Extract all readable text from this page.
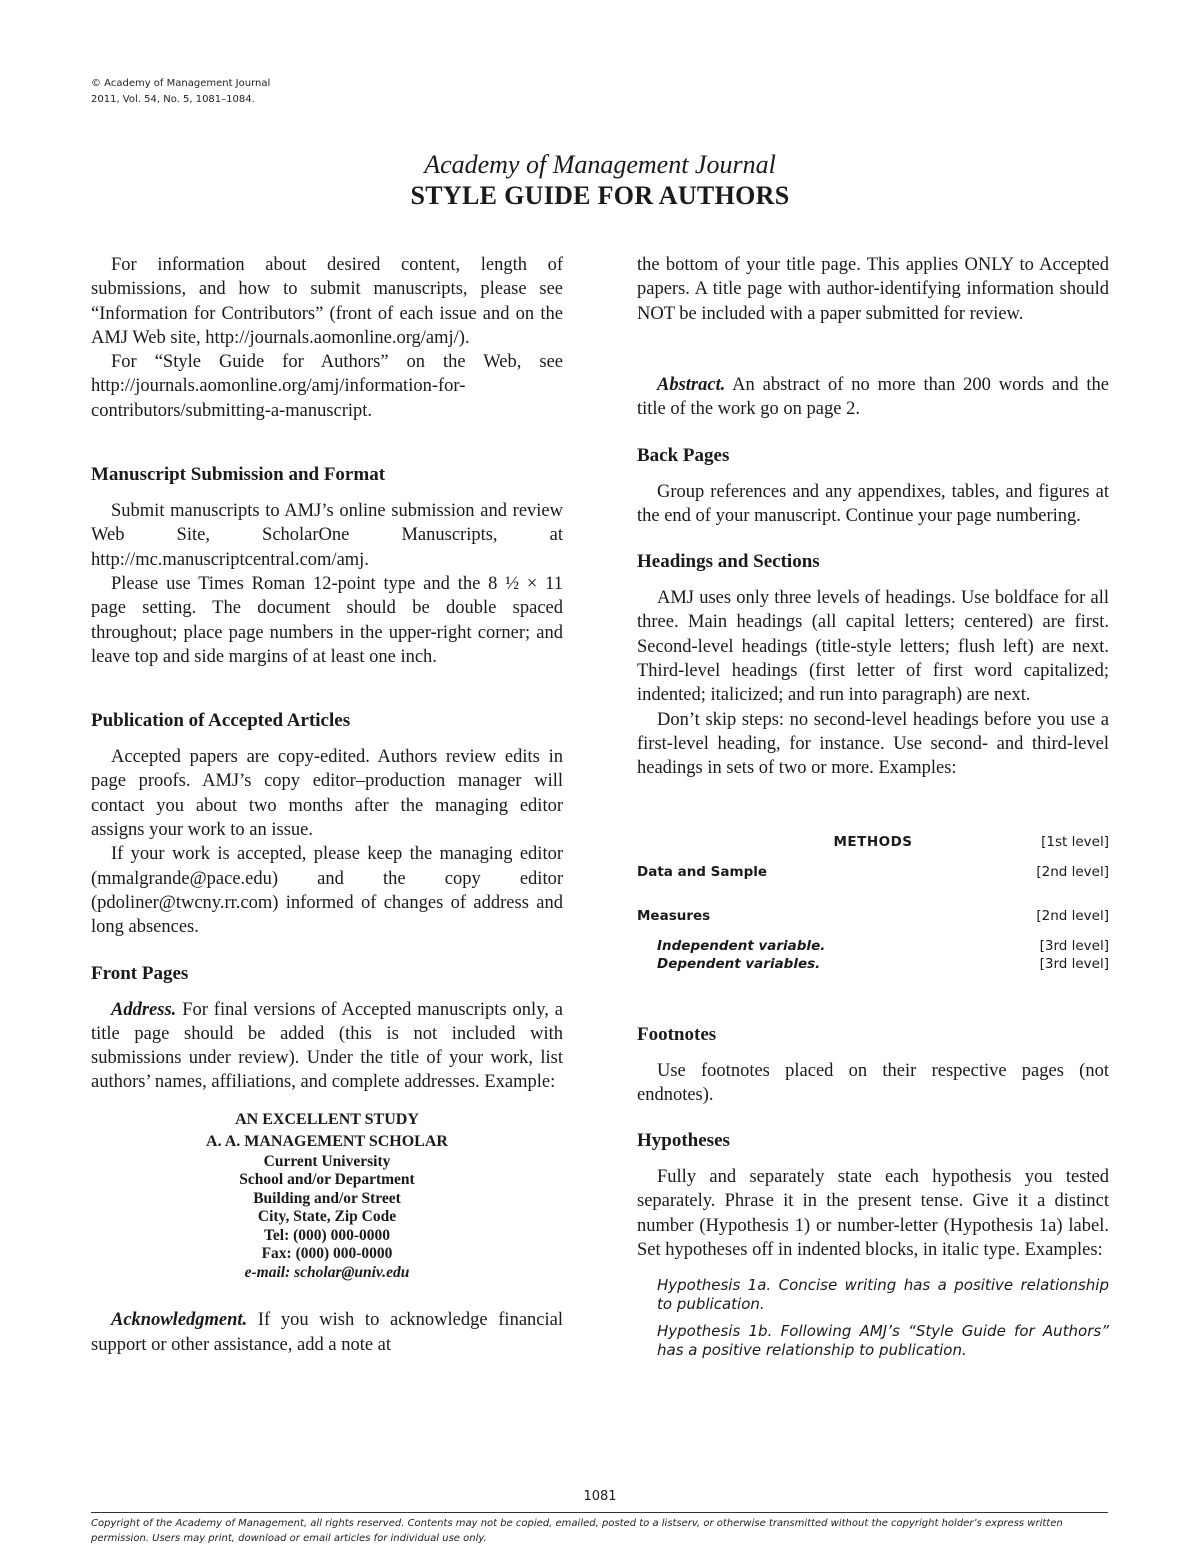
© Academy of Management Journal
2011, Vol. 54, No. 5, 1081–1084.
Academy of Management Journal
STYLE GUIDE FOR AUTHORS

For information about desired content, length of submissions, and how to submit manuscripts, please see “Information for Contributors” (front of each issue and on the AMJ Web site, http://journals.aomonline.org/amj/).

For “Style Guide for Authors” on the Web, see http://journals.aomonline.org/amj/information-for-contributors/submitting-a-manuscript.

Manuscript Submission and Format

Submit manuscripts to AMJ’s online submission and review Web Site, ScholarOne Manuscripts, at http://mc.manuscriptcentral.com/amj.

Please use Times Roman 12-point type and the 8 ½ × 11 page setting. The document should be double spaced throughout; place page numbers in the upper-right corner; and leave top and side margins of at least one inch.

Publication of Accepted Articles

Accepted papers are copy-edited. Authors review edits in page proofs. AMJ’s copy editor–production manager will contact you about two months after the managing editor assigns your work to an issue.

If your work is accepted, please keep the managing editor (mmalgrande@pace.edu) and the copy editor (pdoliner@twcny.rr.com) informed of changes of address and long absences.

Front Pages

Address. For final versions of Accepted manuscripts only, a title page should be added (this is not included with submissions under review). Under the title of your work, list authors’ names, affiliations, and complete addresses. Example:

AN EXCELLENT STUDY
A. A. MANAGEMENT SCHOLAR
Current University
School and/or Department
Building and/or Street
City, State, Zip Code
Tel: (000) 000-0000
Fax: (000) 000-0000
e-mail: scholar@univ.edu

Acknowledgment. If you wish to acknowledge financial support or other assistance, add a note at

Abstract. An abstract of no more than 200 words and the title of the work go on page 2.

Back Pages

Group references and any appendixes, tables, and figures at the end of your manuscript. Continue your page numbering.

Headings and Sections

AMJ uses only three levels of headings. Use boldface for all three. Main headings (all capital letters; centered) are first. Second-level headings (title-style letters; flush left) are next. Third-level headings (first letter of first word capitalized; indented; italicized; and run into paragraph) are next.

Don’t skip steps: no second-level headings before you use a first-level heading, for instance. Use second- and third-level headings in sets of two or more. Examples:

METHODS	[1st level]
Data and Sample	[2nd level]
Measures	[2nd level]
Independent variable.	[3rd level]
Dependent variables.	[3rd level]
Footnotes

Use footnotes placed on their respective pages (not endnotes).

Hypotheses

Fully and separately state each hypothesis you tested separately. Phrase it in the present tense. Give it a distinct number (Hypothesis 1) or number-letter (Hypothesis 1a) label. Set hypotheses off in indented blocks, in italic type. Examples:

Hypothesis 1a. Concise writing has a positive relationship to publication.
Hypothesis 1b. Following AMJ’s “Style Guide for Authors” has a positive relationship to publication.
1081
Copyright of the Academy of Management, all rights reserved. Contents may not be copied, emailed, posted to a listserv, or otherwise transmitted without the copyright holder’s express written permission. Users may print, download or email articles for individual use only.

the bottom of your title page. This applies ONLY to Accepted papers. A title page with author-identifying information should NOT be included with a paper submitted for review.
